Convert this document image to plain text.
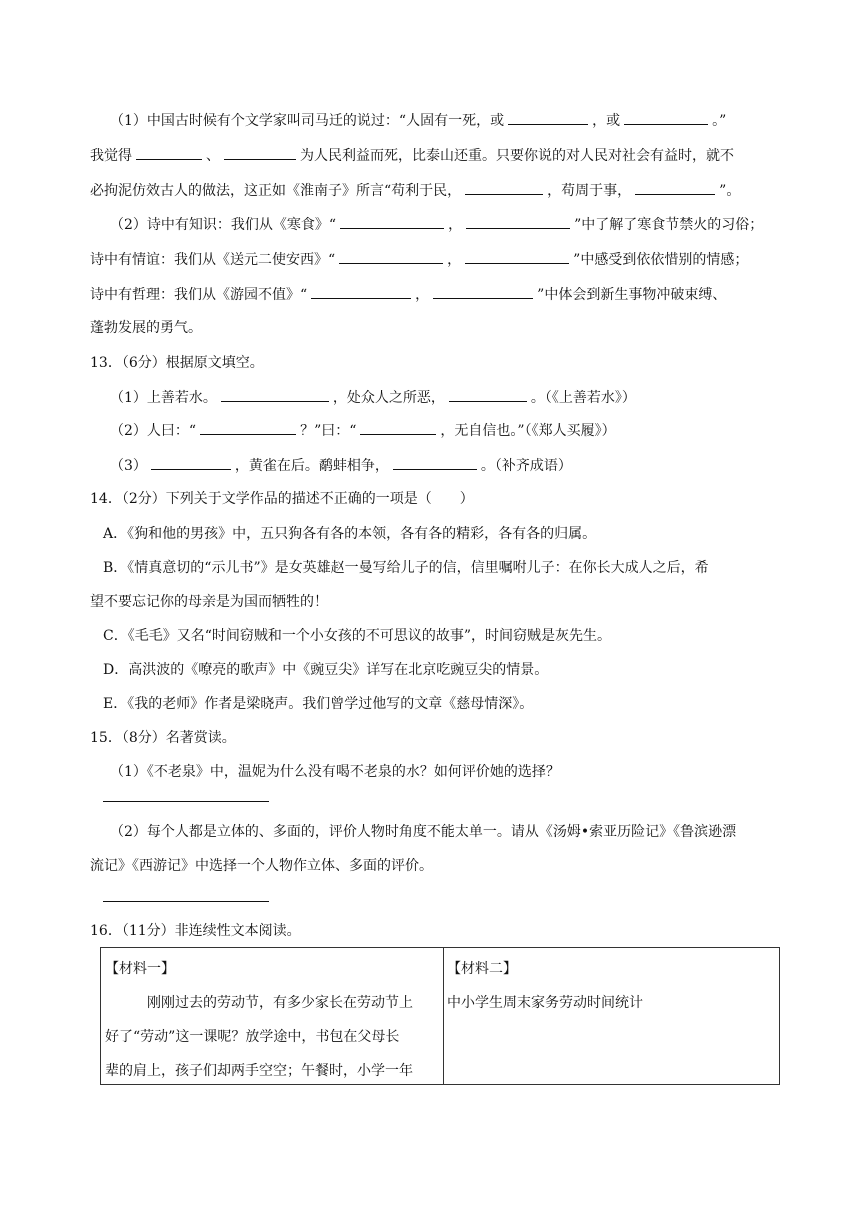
（1）中国古时候有个文学家叫司马迁的说过：“人固有一死，或	，或	。”
我觉得	、	为人民利益而死，比泰山还重。只要你说的对人民对社会有益时，就不
必拘泥仿效古人的做法，这正如《淮南子》所言“苟利于民，	，苟周于事，	”。
（2）诗中有知识：我们从《寒食》“	，	”中了解了寒食节禁火的习俗；
诗中有情谊：我们从《送元二使安西》“	，	”中感受到依依惜别的情感；
诗中有哲理：我们从《游园不值》“	，	”中体会到新生事物冲破束缚、
蓬勃发展的勇气。
13．（6分）根据原文填空。
（1）上善若水。	，处众人之所恶，	。（《上善若水》）
（2）人曰：“	？”曰：“	，无自信也。”（《郑人买履》）
（3）	，黄雀在后。鹬蚌相争，	。（补齐成语）
14．（2分）下列关于文学作品的描述不正确的一项是（　　）
A．《狗和他的男孩》中，五只狗各有各的本领，各有各的精彩，各有各的归属。
B．《情真意切的“示儿书”》是女英雄赵一曼写给儿子的信，信里嘱咐儿子：在你长大成人之后，希
望不要忘记你的母亲是为国而牺牲的！
C．《毛毛》又名“时间窃贼和一个小女孩的不可思议的故事”，时间窃贼是灰先生。
D．高洪波的《嘹亮的歌声》中《豌豆尖》详写在北京吃豌豆尖的情景。
E．《我的老师》作者是梁晓声。我们曾学过他写的文章《慈母情深》。
15．（8分）名著赏读。
（1）《不老泉》中，温妮为什么没有喝不老泉的水？如何评价她的选择？
（2）每个人都是立体的、多面的，评价人物时角度不能太单一。请从《汤姆•索亚历险记》《鲁滨逊漂
流记》《西游记》中选择一个人物作立体、多面的评价。
16．（11分）非连续性文本阅读。
【材料一】
刚刚过去的劳动节，有多少家长在劳动节上
好了“劳动”这一课呢？放学途中，书包在父母长
辈的肩上，孩子们却两手空空；午餐时，小学一年
【材料二】
中小学生周末家务劳动时间统计
